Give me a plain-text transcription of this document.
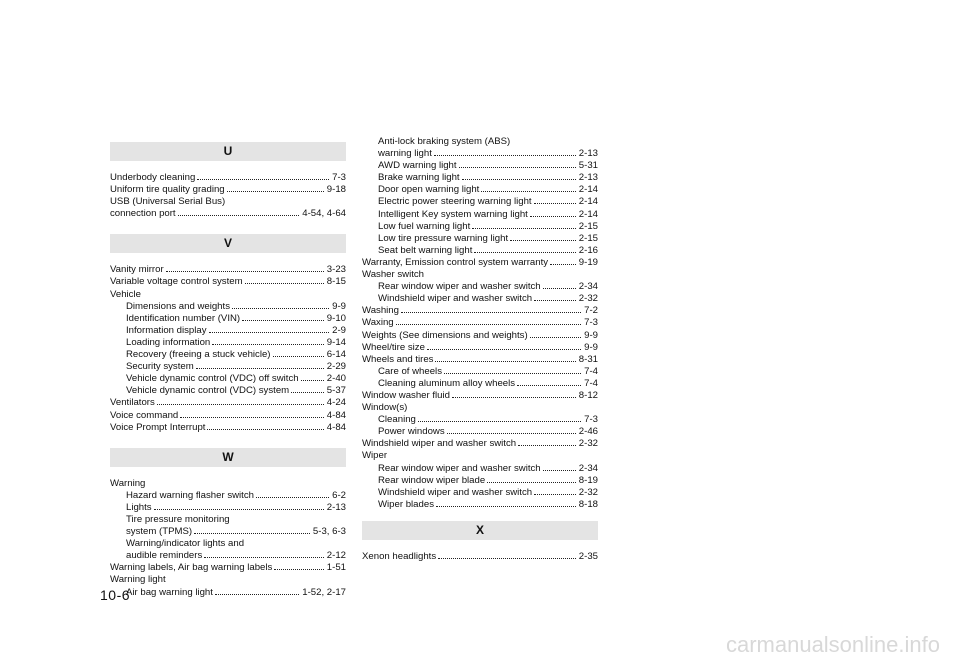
U
Underbody cleaning	7-3
Uniform tire quality grading	9-18
USB (Universal Serial Bus)
connection port	4-54, 4-64
V
Vanity mirror	3-23
Variable voltage control system	8-15
Vehicle
Dimensions and weights	9-9
Identification number (VIN)	9-10
Information display	2-9
Loading information	9-14
Recovery (freeing a stuck vehicle)	6-14
Security system	2-29
Vehicle dynamic control (VDC) off switch	2-40
Vehicle dynamic control (VDC) system	5-37
Ventilators	4-24
Voice command	4-84
Voice Prompt Interrupt	4-84
W
Warning
Hazard warning flasher switch	6-2
Lights	2-13
Tire pressure monitoring
system (TPMS)	5-3, 6-3
Warning/indicator lights and
audible reminders	2-12
Warning labels, Air bag warning labels	1-51
Warning light
Air bag warning light	1-52, 2-17
Anti-lock braking system (ABS)
warning light	2-13
AWD warning light	5-31
Brake warning light	2-13
Door open warning light	2-14
Electric power steering warning light	2-14
Intelligent Key system warning light	2-14
Low fuel warning light	2-15
Low tire pressure warning light	2-15
Seat belt warning light	2-16
Warranty, Emission control system warranty	9-19
Washer switch
Rear window wiper and washer switch	2-34
Windshield wiper and washer switch	2-32
Washing	7-2
Waxing	7-3
Weights (See dimensions and weights)	9-9
Wheel/tire size	9-9
Wheels and tires	8-31
Care of wheels	7-4
Cleaning aluminum alloy wheels	7-4
Window washer fluid	8-12
Window(s)
Cleaning	7-3
Power windows	2-46
Windshield wiper and washer switch	2-32
Wiper
Rear window wiper and washer switch	2-34
Rear window wiper blade	8-19
Windshield wiper and washer switch	2-32
Wiper blades	8-18
X
Xenon headlights	2-35
10-6
carmanualsonline.info
